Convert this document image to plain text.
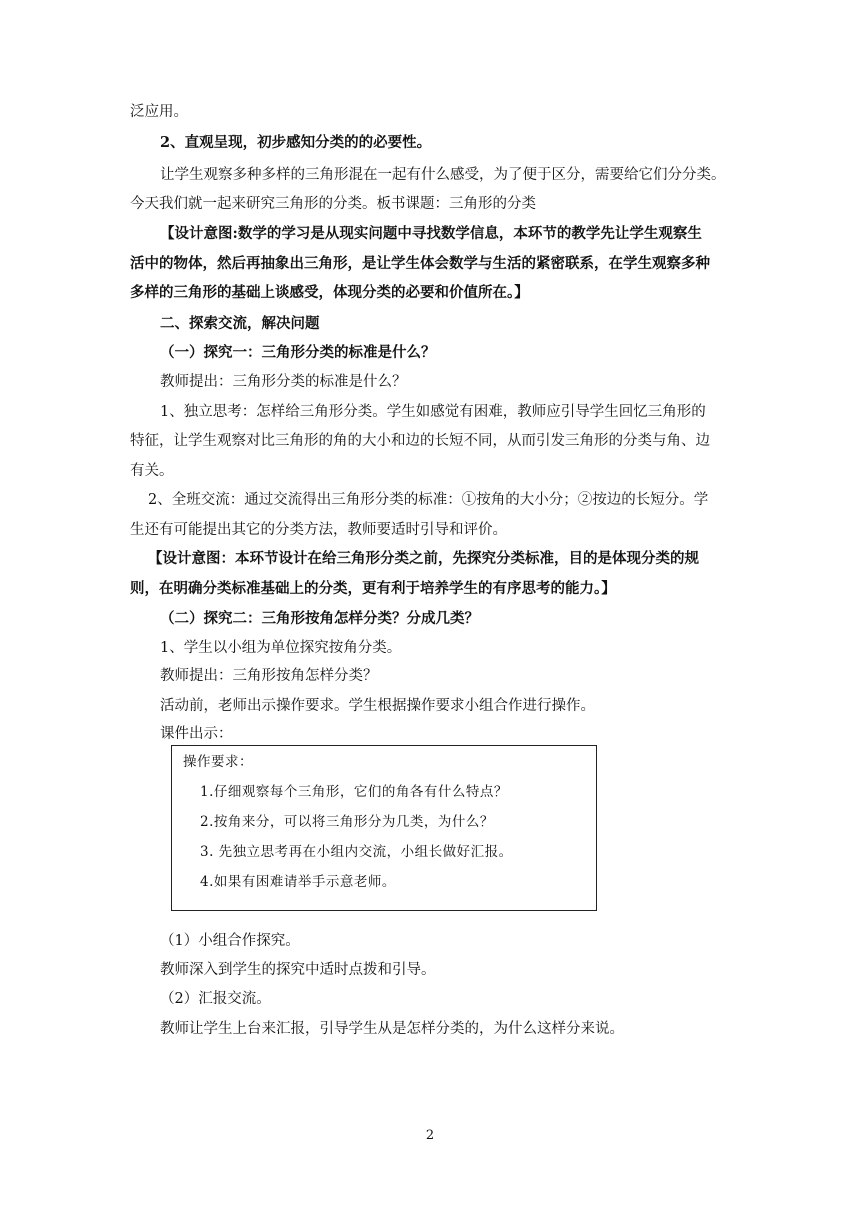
泛应用。
2、直观呈现，初步感知分类的的必要性。
让学生观察多种多样的三角形混在一起有什么感受，为了便于区分，需要给它们分分类。
今天我们就一起来研究三角形的分类。板书课题：三角形的分类
【设计意图:数学的学习是从现实问题中寻找数学信息，本环节的教学先让学生观察生
活中的物体，然后再抽象出三角形，是让学生体会数学与生活的紧密联系，在学生观察多种
多样的三角形的基础上谈感受，体现分类的必要和价值所在。】
二、探索交流，解决问题
（一）探究一：三角形分类的标准是什么？
教师提出：三角形分类的标准是什么？
1、独立思考：怎样给三角形分类。学生如感觉有困难，教师应引导学生回忆三角形的
特征，让学生观察对比三角形的角的大小和边的长短不同，从而引发三角形的分类与角、边
有关。
2、全班交流：通过交流得出三角形分类的标准：①按角的大小分；②按边的长短分。学
生还有可能提出其它的分类方法，教师要适时引导和评价。
【设计意图：本环节设计在给三角形分类之前，先探究分类标准，目的是体现分类的规
则，在明确分类标准基础上的分类，更有利于培养学生的有序思考的能力。】
（二）探究二：三角形按角怎样分类？分成几类？
1、学生以小组为单位探究按角分类。
教师提出：三角形按角怎样分类？
活动前，老师出示操作要求。学生根据操作要求小组合作进行操作。
课件出示：
操作要求：
1.仔细观察每个三角形，它们的角各有什么特点？
2.按角来分，可以将三角形分为几类，为什么？
3. 先独立思考再在小组内交流，小组长做好汇报。
4.如果有困难请举手示意老师。
（1）小组合作探究。
教师深入到学生的探究中适时点拨和引导。
（2）汇报交流。
教师让学生上台来汇报，引导学生从是怎样分类的，为什么这样分来说。
2
